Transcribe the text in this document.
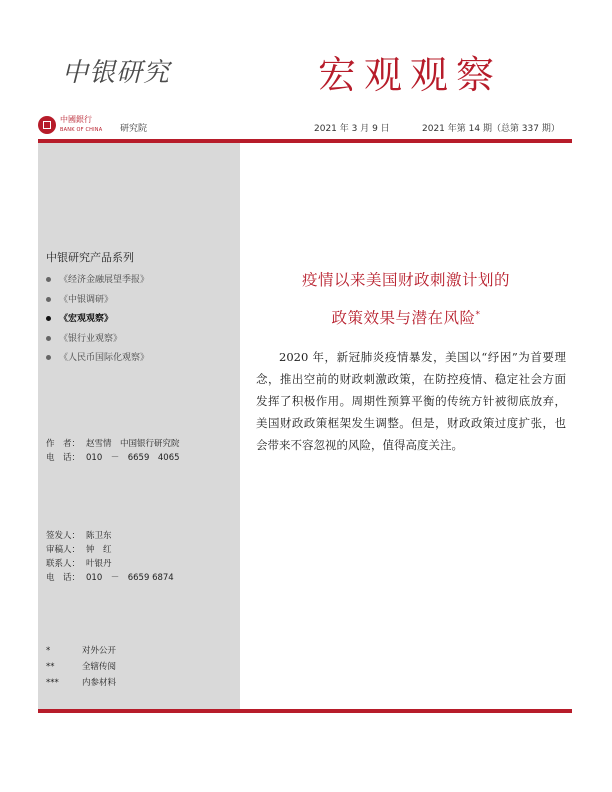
中银研究	宏观观察
中國銀行
BANK OF CHINA 研究院	2021 年 3 月 9 日	2021 年第 14 期（总第 337 期）
中银研究产品系列
《经济金融展望季报》
《中银调研》
《宏观观察》
《银行业观察》
《人民币国际化观察》
作　者： 赵雪情　中国银行研究院
电　话： 010　－　6659　4065
签发人： 陈卫东
审稿人： 钟　红
联系人： 叶银丹
电　话： 010　－　6659 6874
*	对外公开
**	全辖传阅
***	内参材料
疫情以来美国财政刺激计划的
政策效果与潜在风险*

2020 年，新冠肺炎疫情暴发，美国以“纾困”为首要理念，推出空前的财政刺激政策，在防控疫情、稳定社会方面发挥了积极作用。周期性预算平衡的传统方针被彻底放弃，美国财政政策框架发生调整。但是，财政政策过度扩张，也会带来不容忽视的风险，值得高度关注。
